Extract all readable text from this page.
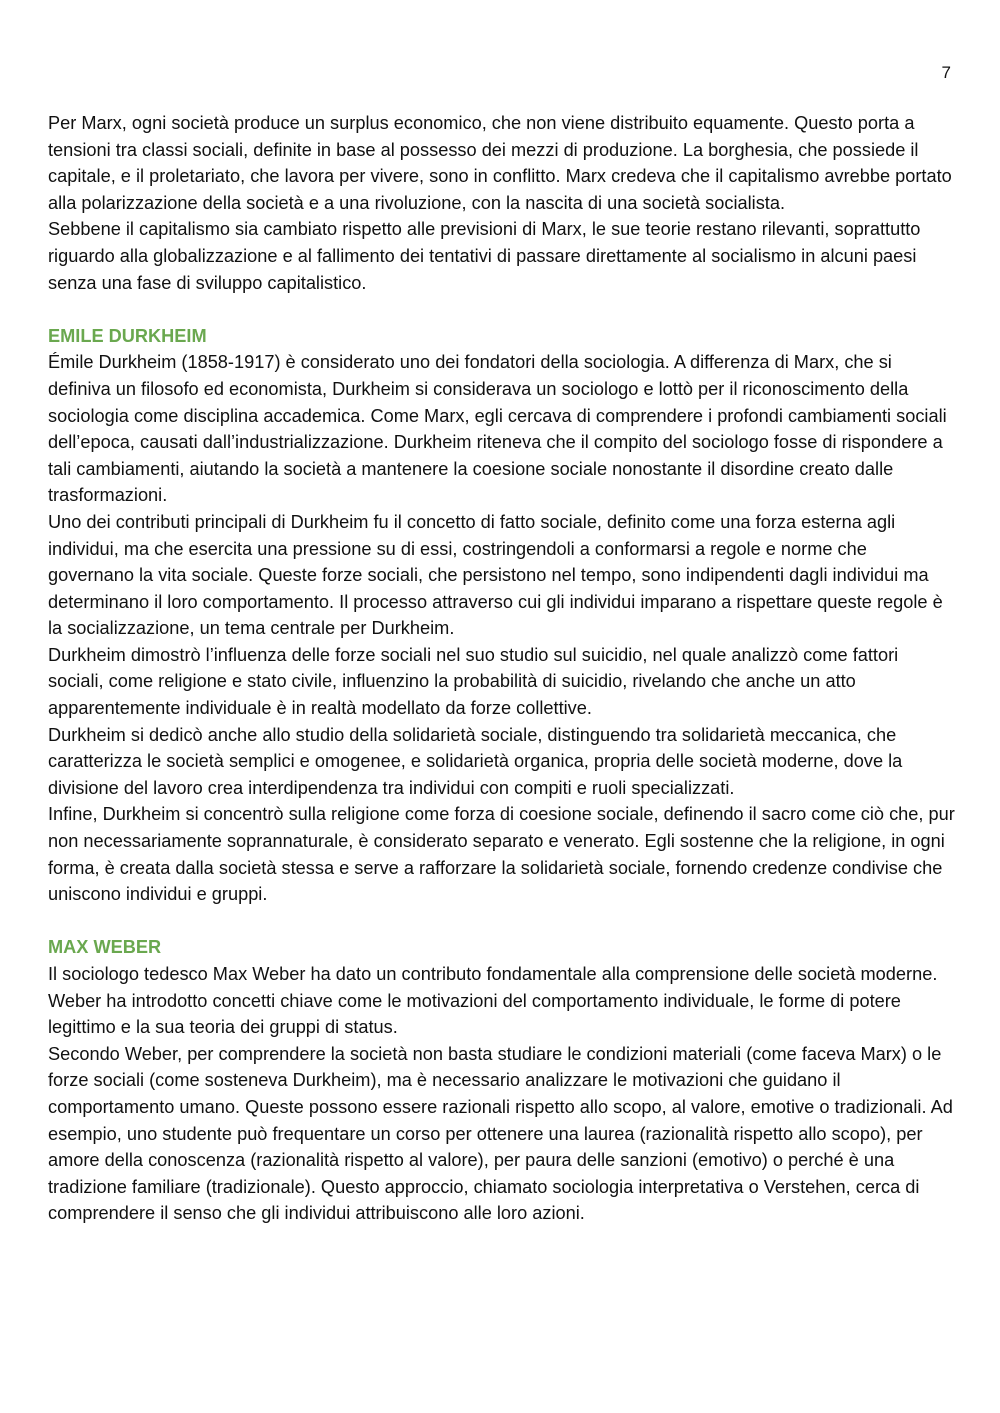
7

Per Marx, ogni società produce un surplus economico, che non viene distribuito equamente. Questo porta a tensioni tra classi sociali, definite in base al possesso dei mezzi di produzione. La borghesia, che possiede il capitale, e il proletariato, che lavora per vivere, sono in conflitto. Marx credeva che il capitalismo avrebbe portato alla polarizzazione della società e a una rivoluzione, con la nascita di una società socialista.

Sebbene il capitalismo sia cambiato rispetto alle previsioni di Marx, le sue teorie restano rilevanti, soprattutto riguardo alla globalizzazione e al fallimento dei tentativi di passare direttamente al socialismo in alcuni paesi senza una fase di sviluppo capitalistico.

EMILE DURKHEIM

Émile Durkheim (1858-1917) è considerato uno dei fondatori della sociologia. A differenza di Marx, che si definiva un filosofo ed economista, Durkheim si considerava un sociologo e lottò per il riconoscimento della sociologia come disciplina accademica. Come Marx, egli cercava di comprendere i profondi cambiamenti sociali dell’epoca, causati dall’industrializzazione. Durkheim riteneva che il compito del sociologo fosse di rispondere a tali cambiamenti, aiutando la società a mantenere la coesione sociale nonostante il disordine creato dalle trasformazioni.

Uno dei contributi principali di Durkheim fu il concetto di fatto sociale, definito come una forza esterna agli individui, ma che esercita una pressione su di essi, costringendoli a conformarsi a regole e norme che governano la vita sociale. Queste forze sociali, che persistono nel tempo, sono indipendenti dagli individui ma determinano il loro comportamento. Il processo attraverso cui gli individui imparano a rispettare queste regole è la socializzazione, un tema centrale per Durkheim.

Durkheim dimostrò l’influenza delle forze sociali nel suo studio sul suicidio, nel quale analizzò come fattori sociali, come religione e stato civile, influenzino la probabilità di suicidio, rivelando che anche un atto apparentemente individuale è in realtà modellato da forze collettive.

Durkheim si dedicò anche allo studio della solidarietà sociale, distinguendo tra solidarietà meccanica, che caratterizza le società semplici e omogenee, e solidarietà organica, propria delle società moderne, dove la divisione del lavoro crea interdipendenza tra individui con compiti e ruoli specializzati.

Infine, Durkheim si concentrò sulla religione come forza di coesione sociale, definendo il sacro come ciò che, pur non necessariamente soprannaturale, è considerato separato e venerato. Egli sostenne che la religione, in ogni forma, è creata dalla società stessa e serve a rafforzare la solidarietà sociale, fornendo credenze condivise che uniscono individui e gruppi.

MAX WEBER

Il sociologo tedesco Max Weber ha dato un contributo fondamentale alla comprensione delle società moderne. Weber ha introdotto concetti chiave come le motivazioni del comportamento individuale, le forme di potere legittimo e la sua teoria dei gruppi di status.

Secondo Weber, per comprendere la società non basta studiare le condizioni materiali (come faceva Marx) o le forze sociali (come sosteneva Durkheim), ma è necessario analizzare le motivazioni che guidano il comportamento umano. Queste possono essere razionali rispetto allo scopo, al valore, emotive o tradizionali. Ad esempio, uno studente può frequentare un corso per ottenere una laurea (razionalità rispetto allo scopo), per amore della conoscenza (razionalità rispetto al valore), per paura delle sanzioni (emotivo) o perché è una tradizione familiare (tradizionale). Questo approccio, chiamato sociologia interpretativa o Verstehen, cerca di comprendere il senso che gli individui attribuiscono alle loro azioni.
